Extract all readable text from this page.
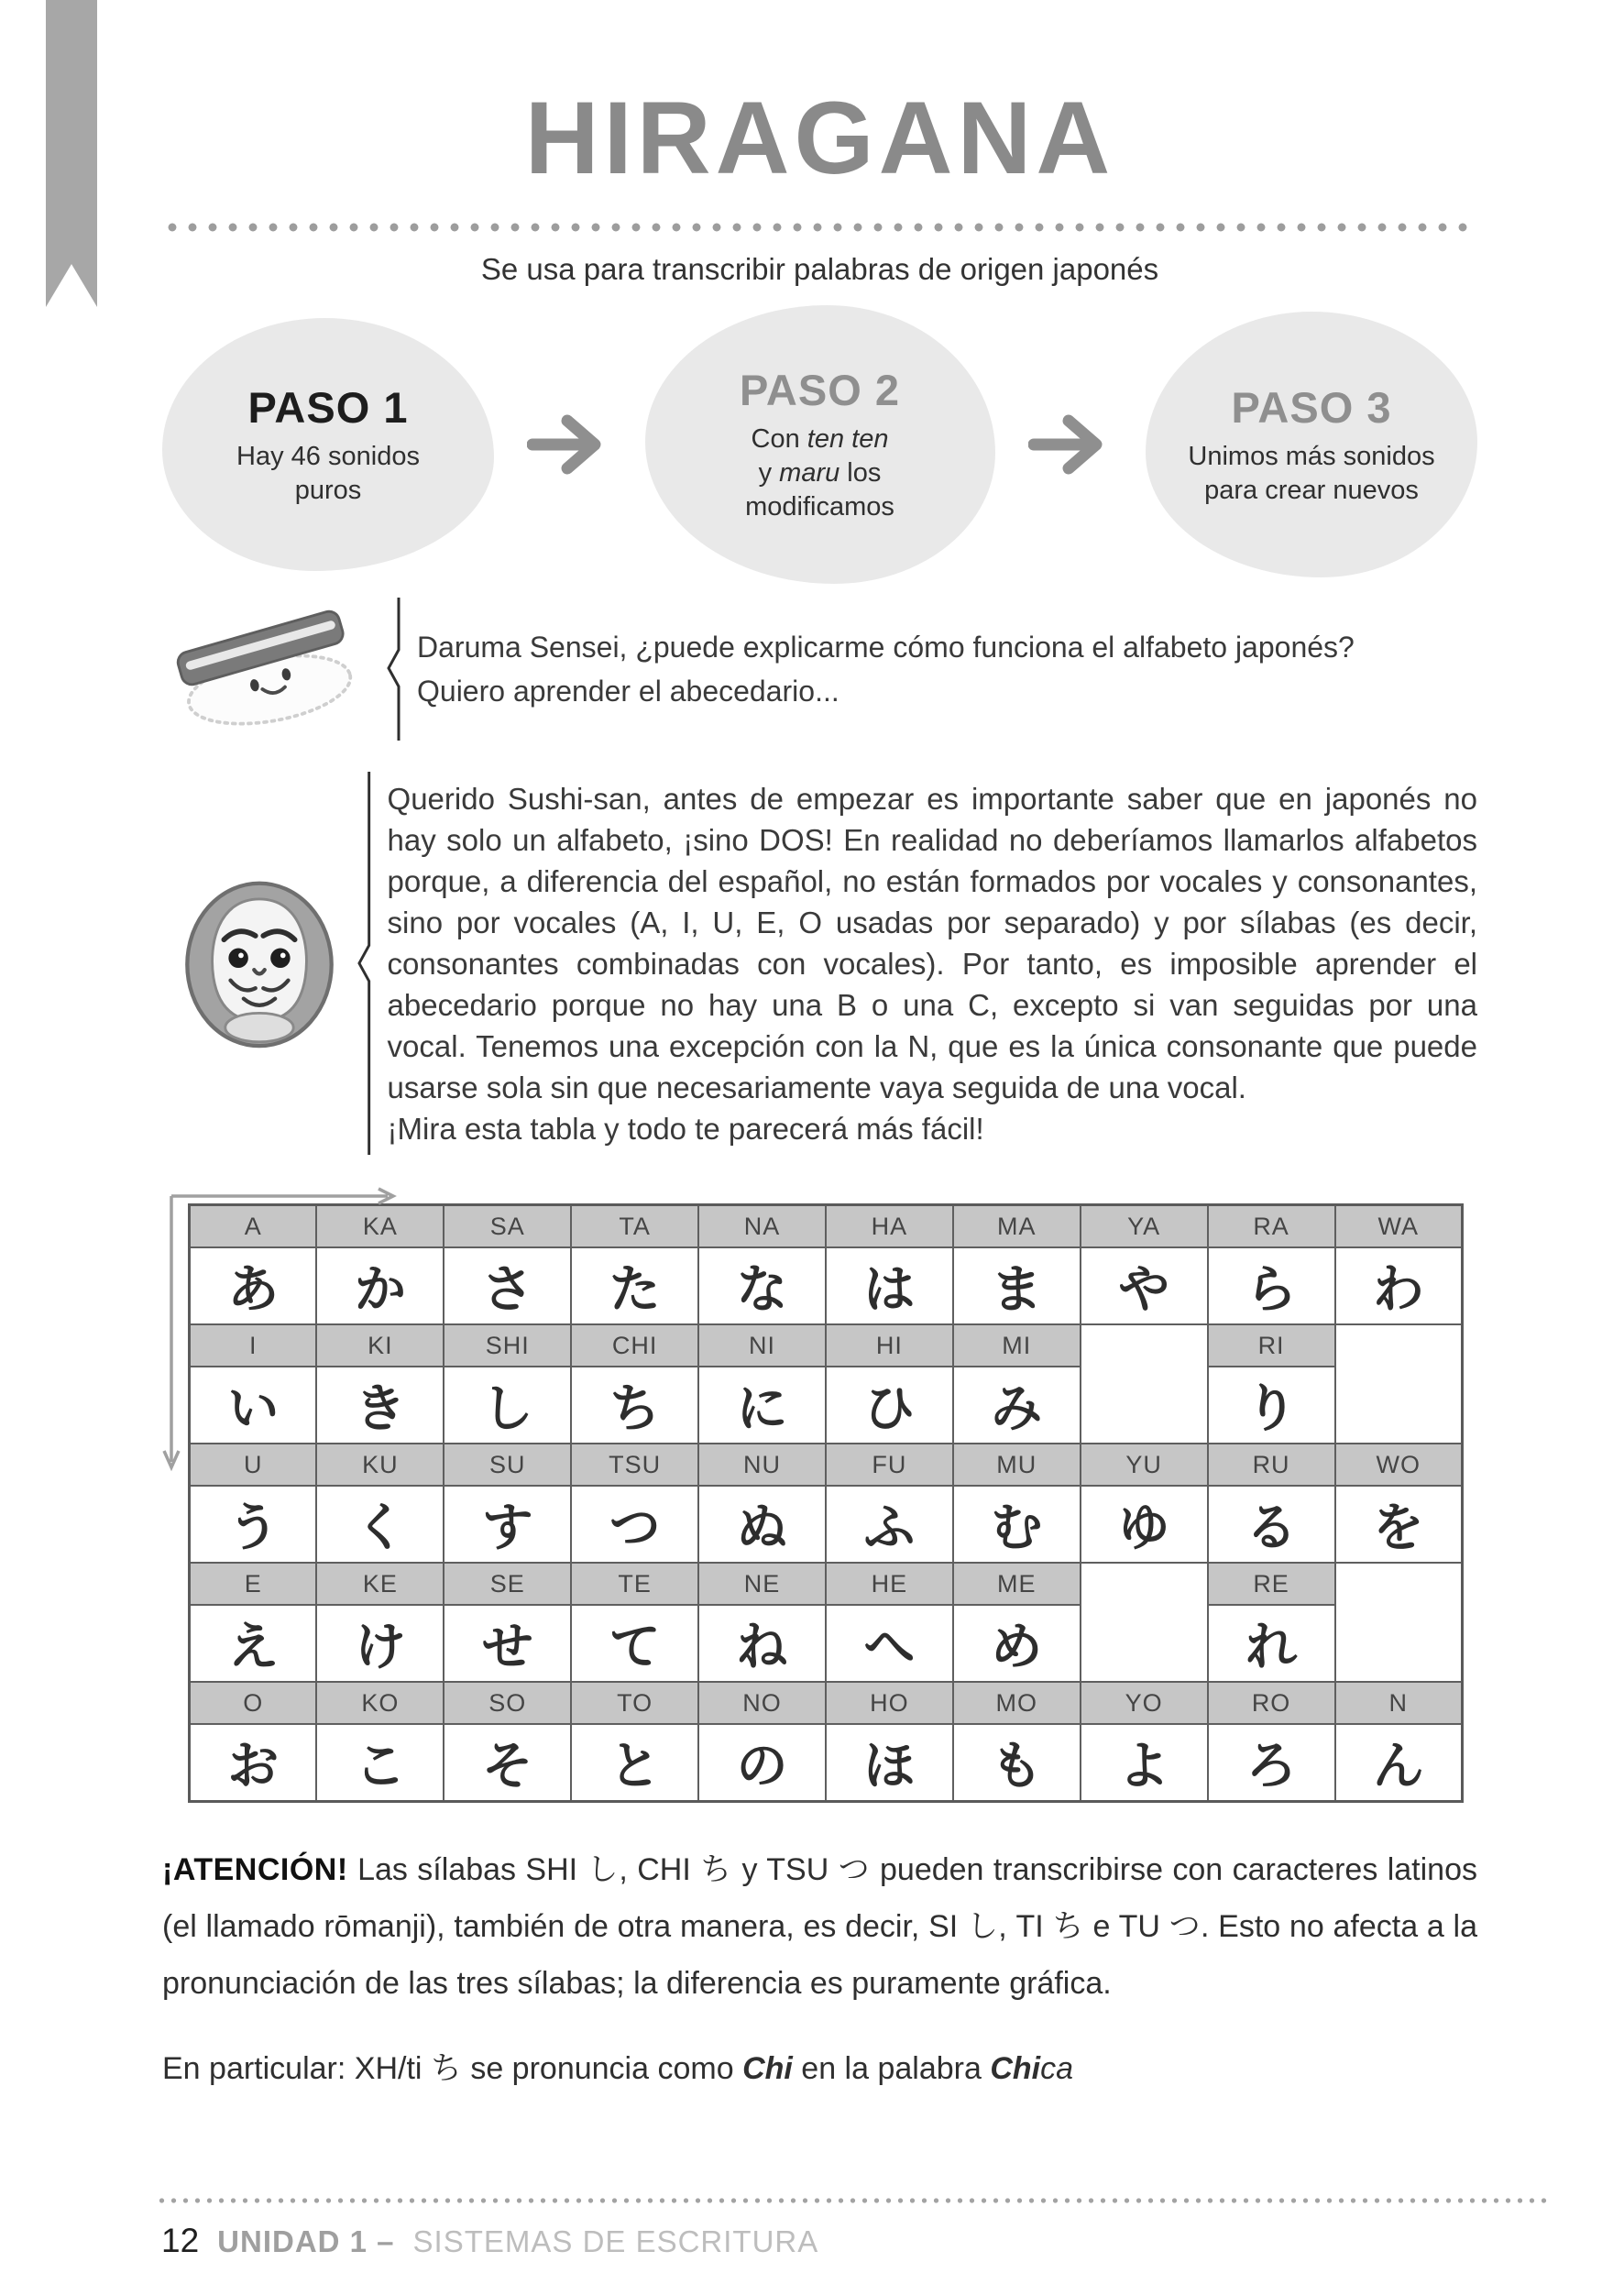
UNIDAD 1	HIRAGANA
Se usa para transcribir palabras de origen japonés
PASO 1
Hay 46 sonidos
puros
PASO 2
Con ten ten
y maru los
modificamos
PASO 3
Unimos más sonidos
para crear nuevos
Daruma Sensei, ¿puede explicarme cómo funciona el alfabeto japonés?
Quiero aprender el abecedario...

Querido Sushi-san, antes de empezar es importante saber que en japonés no hay solo un alfabeto, ¡sino DOS! En realidad no deberíamos llamarlos alfabetos porque, a diferencia del español, no están formados por vocales y consonantes, sino por vocales (A, I, U, E, O usadas por separado) y por sílabas (es decir, consonantes combinadas con vocales). Por tanto, es imposible aprender el abecedario porque no hay una B o una C, excepto si van seguidas por una vocal. Tenemos una excepción con la N, que es la única consonante que puede usarse sola sin que necesariamente vaya seguida de una vocal.

¡Mira esta tabla y todo te parecerá más fácil!

A	KA	SA	TA	NA	HA	MA	YA	RA	WA
あ	か	さ	た	な	は	ま	や	ら	わ
I	KI	SHI	CHI	NI	HI	MI		RI	
い	き	し	ち	に	ひ	み		り	
U	KU	SU	TSU	NU	FU	MU	YU	RU	WO
う	く	す	つ	ぬ	ふ	む	ゆ	る	を
E	KE	SE	TE	NE	HE	ME		RE	
え	け	せ	て	ね	へ	め		れ	
O	KO	SO	TO	NO	HO	MO	YO	RO	N
お	こ	そ	と	の	ほ	も	よ	ろ	ん

¡ATENCIÓN! Las sílabas SHI し, CHI ち y TSU つ pueden transcribirse con caracteres latinos (el llamado rōmanji), también de otra manera, es decir, SI し, TI ち e TU つ. Esto no afecta a la pronunciación de las tres sílabas; la diferencia es puramente gráfica.

En particular: XH/ti ち se pronuncia como Chi en la palabra Chica

12 UNIDAD 1 – SISTEMAS DE ESCRITURA
